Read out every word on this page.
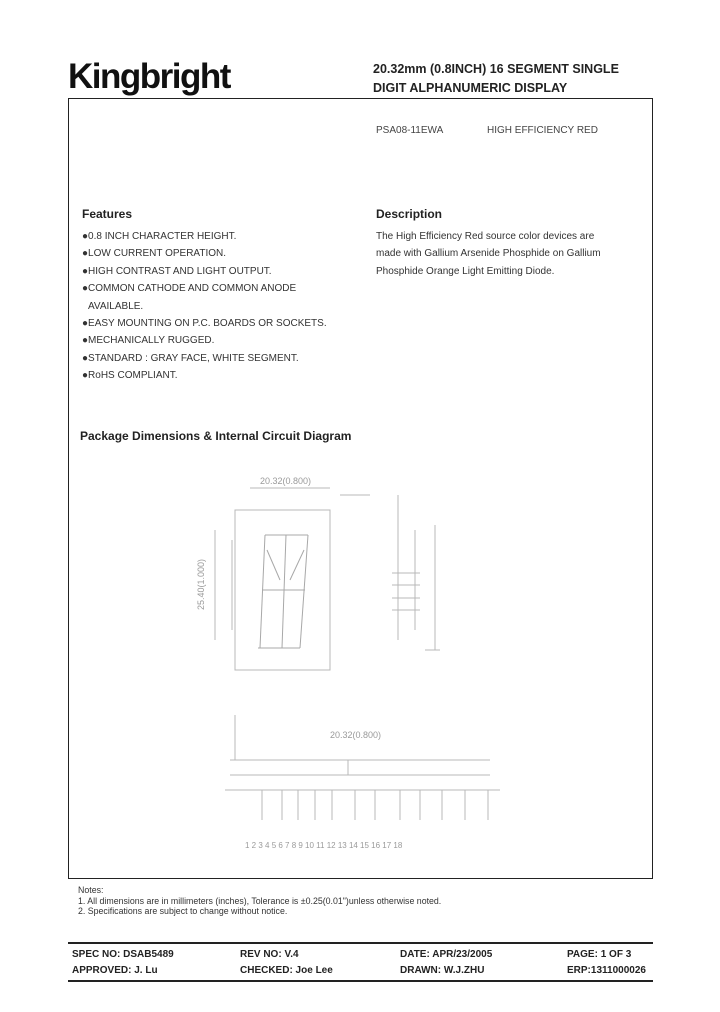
Kingbright	20.32mm (0.8INCH) 16 SEGMENT SINGLE
DIGIT ALPHANUMERIC DISPLAY
PSA08-11EWA	HIGH EFFICIENCY RED
Features
●0.8 INCH CHARACTER HEIGHT.
●LOW CURRENT OPERATION.
●HIGH CONTRAST AND LIGHT OUTPUT.
●COMMON CATHODE AND COMMON ANODE
AVAILABLE.
●EASY MOUNTING ON P.C. BOARDS OR SOCKETS.
●MECHANICALLY RUGGED.
●STANDARD : GRAY FACE, WHITE SEGMENT.
●RoHS COMPLIANT.
Description
The High Efficiency Red source color devices are
made with Gallium Arsenide Phosphide on Gallium
Phosphide Orange Light Emitting Diode.
Package Dimensions & Internal Circuit Diagram
20.32(0.800)
25.40(1.000)
20.32(0.800)
1 2 3 4 5 6 7 8 9 10 11 12 13 14 15 16 17 18
Notes:
1. All dimensions are in millimeters (inches), Tolerance is ±0.25(0.01")unless otherwise noted.
2. Specifications are subject to change without notice.
SPEC NO: DSAB5489	REV NO: V.4	DATE: APR/23/2005	PAGE: 1 OF 3
APPROVED: J. Lu	CHECKED: Joe Lee	DRAWN: W.J.ZHU	ERP:1311000026
